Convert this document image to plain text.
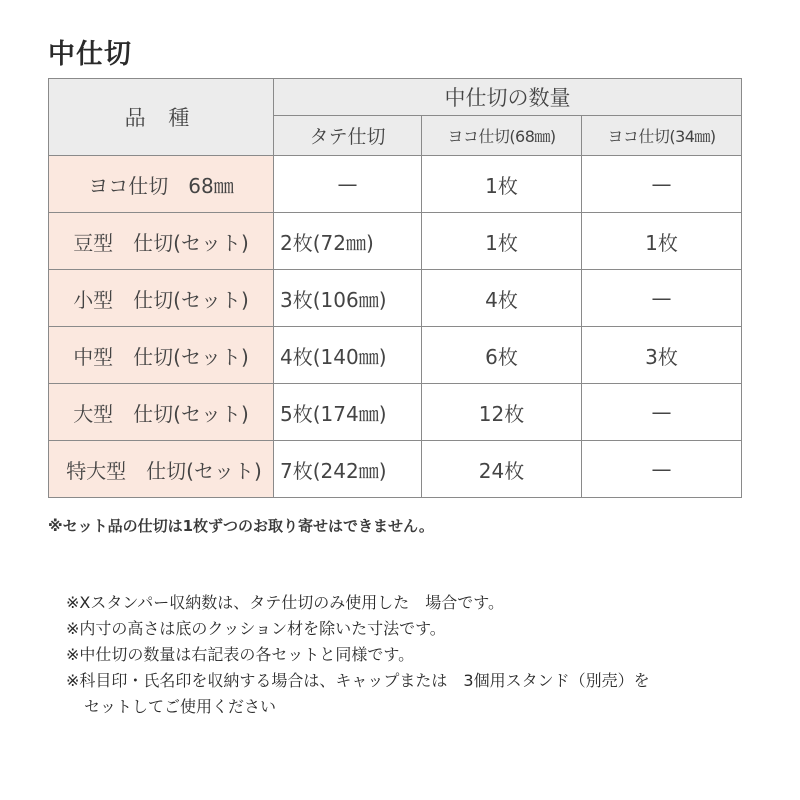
中仕切
品 種	中仕切の数量		
	タテ仕切	ヨコ仕切(68㎜)	ヨコ仕切(34㎜)
ヨコ仕切　68㎜	—	1枚	—
豆型　仕切(セット)	2枚(72㎜)	1枚	1枚
小型　仕切(セット)	3枚(106㎜)	4枚	—
中型　仕切(セット)	4枚(140㎜)	6枚	3枚
大型　仕切(セット)	5枚(174㎜)	12枚	—
特大型　仕切(セット)	7枚(242㎜)	24枚	—
※セット品の仕切は1枚ずつのお取り寄せはできません。
※Xスタンパー収納数は、タテ仕切のみ使用した　場合です。
※内寸の高さは底のクッション材を除いた寸法です。
※中仕切の数量は右記表の各セットと同様です。
※科目印・氏名印を収納する場合は、キャップまたは　3個用スタンド（別売）を
セットしてご使用ください
